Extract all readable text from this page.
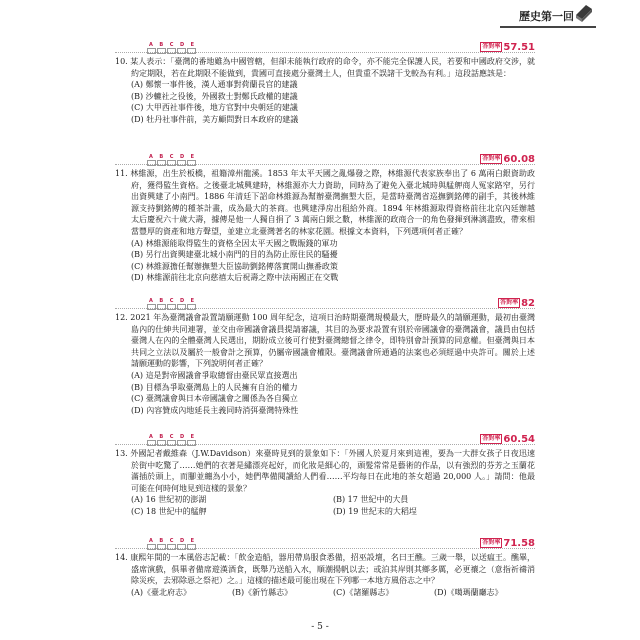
歷史第一回
A B C D E	答對率 57.51

10. 某人表示：「臺灣的番地雖為中國管轄，但卻未能執行政府的命令，亦不能完全保護人民，若要和中國政府交涉，就約定期限，若在此期限不能做到，貴國可直接處分臺灣土人，但貴重不誤諸干戈較為有利。」這段話應該是：

(A) 鄭懷一事件後，漢人通事對荷蘭長官的建議
(B) 沙轆社之役後，外國救士對鄭氏政權的建議
(C) 大甲西社事件後，地方官對中央朝廷的建議
(D) 牡丹社事件前，美方顧問對日本政府的建議
A B C D E	答對率 60.08

11. 林維源，出生於板橋，祖籍漳州龍溪。1853 年太平天國之亂爆發之際，林維源代表家族奉出了 6 萬兩白銀資助政府，獲得監生資格。之後臺北城興建時，林維源亦大力資助，同時為了避免入臺北城時與艋舺商人冤家路窄，另行出資興建了小南門。1886 年清廷下詔命林維源為幫辦臺灣撫墾大臣，是當時臺灣省巡撫劉銘傳的副手，其後林維源支持劉銘傳的種茶計畫，成為最大的茶商。也興建淨房出租給外商。1894 年林維源取得資格前往北京內廷辦越太后慶祝六十歲大壽，據傳是他一人獨自捐了 3 萬兩白銀之數，林維源的政商合一的角色發揮到淋漓盡致，帶來相當豐厚的資產和地方聲望，並建立北臺灣著名的林家花園。根據文本資料，下列選項何者正確？

(A) 林維源能取得監生的資格全因太平天國之戰賑錢的軍功
(B) 另行出資興建臺北城小南門的目的為防止原住民的騷擾
(C) 林維源擔任幫辦撫墾大臣協助劉銘傳落實開山撫番政策
(D) 林維源前往北京向慈禧太后祝壽之際中法兩國正在交戰
A B C D E	答對率 82

12. 2021 年為臺灣議會設置請願運動 100 周年紀念，這項日治時期臺灣規模最大，歷時最久的請願運動，最初由臺灣島內的仕紳共同連署，並交由帝國議會議員提請審議，其目的為要求設置有別於帝國議會的臺灣議會，議員由包括臺灣人在內的全體臺灣人民選出，期盼成立後可行使對臺灣總督之律令，即特別會計預算的同意權。但臺灣與日本共同之立法以及屬於一般會計之預算，仍屬帝國議會權限。臺灣議會所通過的法案也必須經過中央許可。關於上述請願運動的影響，下列說明何者正確？

(A) 這是對帝國議會爭取總督由臺民眾直接選出
(B) 目標為爭取臺灣島上的人民擁有自治的權力
(C) 臺灣議會與日本帝國議會之關係為各自獨立
(D) 內容贊成內地延長主義同時消弭臺灣特殊性
A B C D E	答對率 60.54

13. 外國記者戴維森（J.W.Davidson）來臺時見到的景象如下：「外國人於夏月來到這裡，要為一大群女孩子日夜迅速於街中吃驚了……她們的衣著是繡漂亮起好，而化妝是細心的，頭髮常常是藝術的作品，以有強烈的芬芳之玉蘭花滿插於頭上，而腳並纏為小小，她們準備閱讀給人們看……平均每日在此地的茶女超過 20,000 人。」請問：他最可能在何時何地見到這樣的景象？

(A) 16 世紀初的澎湖	(B) 17 世紀中的大員
(C) 18 世紀中的艋舺	(D) 19 世紀末的大稻埕
A B C D E	答對率 71.58

14. 康熙年間的一本風俗志記載：「飲金造船，器用帶鳥服食悉備，招巫設壇，名曰王醮。三歲一舉，以送瘟王。醮畢，盛席演戲，俱畢者備席遊漢酒食，既舉乃送船入水，順潮揚帆以去；或泊其岸則其鄉多厲，必更禳之（意指祈禱消除災疾，去邪除惡之祭祀）之。」這樣的描述最可能出現在下列哪一本地方風俗志之中？

(A)《臺北府志》	(B)《新竹縣志》	(C)《諸羅縣志》	(D)《噶瑪蘭廳志》
- 5 -
